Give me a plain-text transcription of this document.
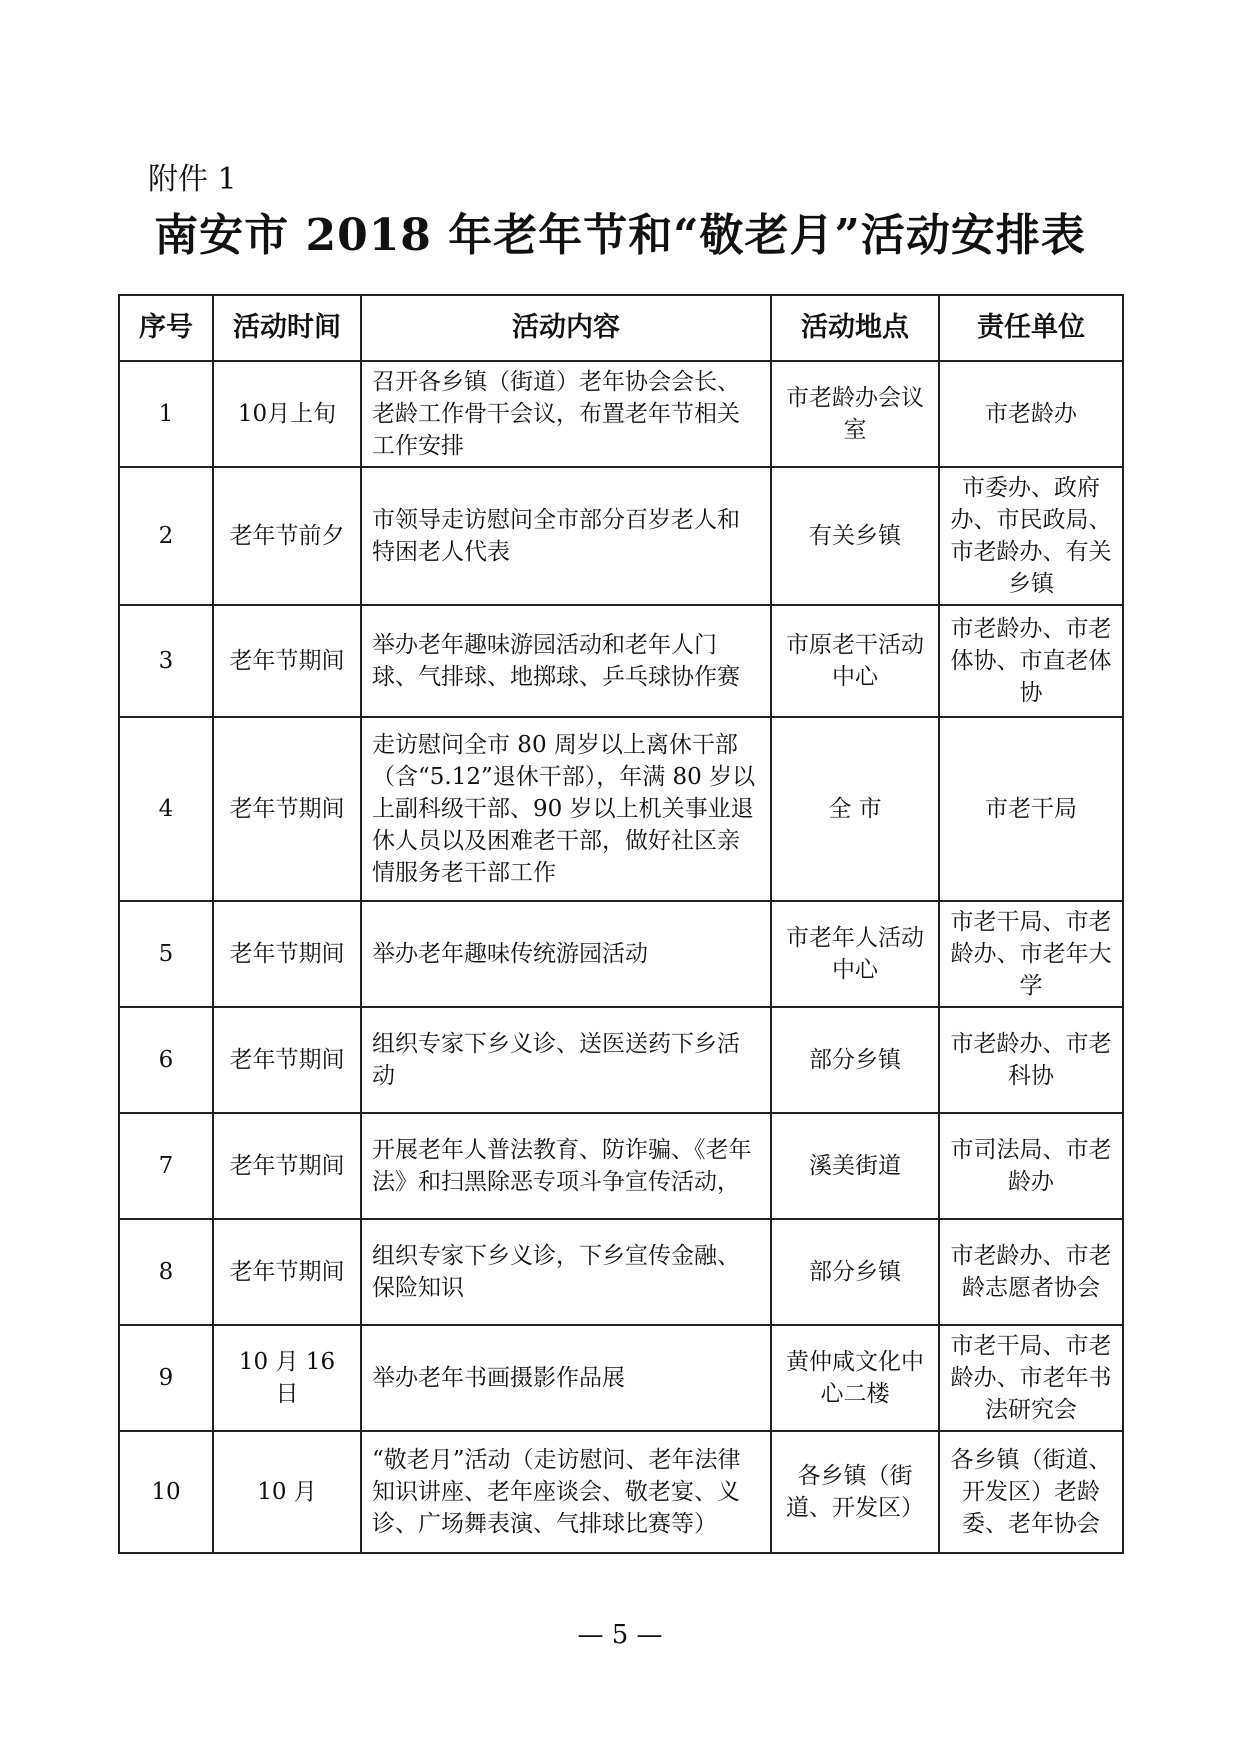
附件 1
南安市 2018 年老年节和“敬老月”活动安排表
序号	活动时间	活动内容	活动地点	责任单位
1	10月上旬	召开各乡镇（街道）老年协会会长、老龄工作骨干会议，布置老年节相关工作安排	市老龄办会议室	市老龄办
2	老年节前夕	市领导走访慰问全市部分百岁老人和特困老人代表	有关乡镇	市委办、政府办、市民政局、市老龄办、有关乡镇
3	老年节期间	举办老年趣味游园活动和老年人门球、气排球、地掷球、乒乓球协作赛	市原老干活动中心	市老龄办、市老体协、市直老体协
4	老年节期间	走访慰问全市 80 周岁以上离休干部（含“5.12”退休干部），年满 80 岁以上副科级干部、90 岁以上机关事业退休人员以及困难老干部，做好社区亲情服务老干部工作	全 市	市老干局
5	老年节期间	举办老年趣味传统游园活动	市老年人活动中心	市老干局、市老龄办、市老年大学
6	老年节期间	组织专家下乡义诊、送医送药下乡活动	部分乡镇	市老龄办、市老科协
7	老年节期间	开展老年人普法教育、防诈骗、《老年法》和扫黑除恶专项斗争宣传活动，	溪美街道	市司法局、市老龄办
8	老年节期间	组织专家下乡义诊，下乡宣传金融、保险知识	部分乡镇	市老龄办、市老龄志愿者协会
9	10 月 16 日	举办老年书画摄影作品展	黄仲咸文化中心二楼	市老干局、市老龄办、市老年书法研究会
10	10 月	“敬老月”活动（走访慰问、老年法律知识讲座、老年座谈会、敬老宴、义诊、广场舞表演、气排球比赛等）	各乡镇（街道、开发区）	各乡镇（街道、开发区）老龄委、老年协会
— 5 —
